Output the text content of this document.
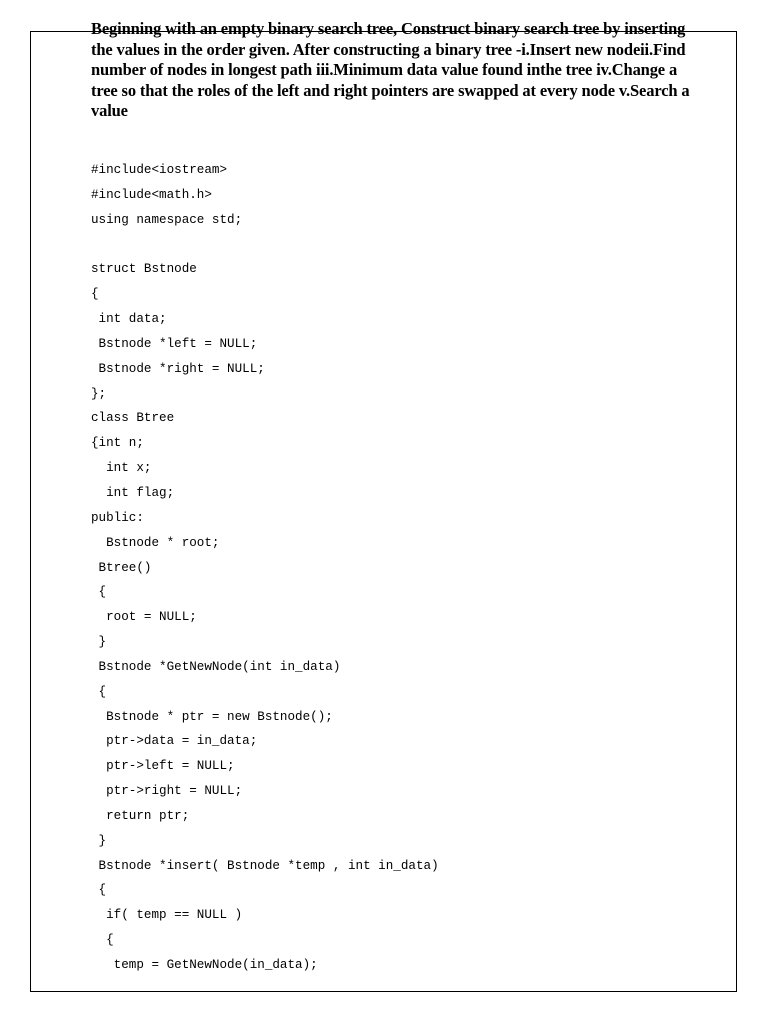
Beginning with an empty binary search tree, Construct binary search tree by inserting the values in the order given. After constructing a binary tree -i.Insert new nodeii.Find number of nodes in longest path iii.Minimum data value found inthe tree iv.Change a tree so that the roles of the left and right pointers are swapped at every node v.Search a value

#include<iostream>
#include<math.h>
using namespace std;
struct Bstnode
{
int data;
Bstnode *left = NULL;
Bstnode *right = NULL;
};
class Btree
{int n;
int x;
int flag;
public:
Bstnode * root;
Btree()
{
root = NULL;
}
Bstnode *GetNewNode(int in_data)
{
Bstnode * ptr = new Bstnode();
ptr->data = in_data;
ptr->left = NULL;
ptr->right = NULL;
return ptr;
}
Bstnode *insert( Bstnode *temp , int in_data)
{
if( temp == NULL )
{
temp = GetNewNode(in_data);
